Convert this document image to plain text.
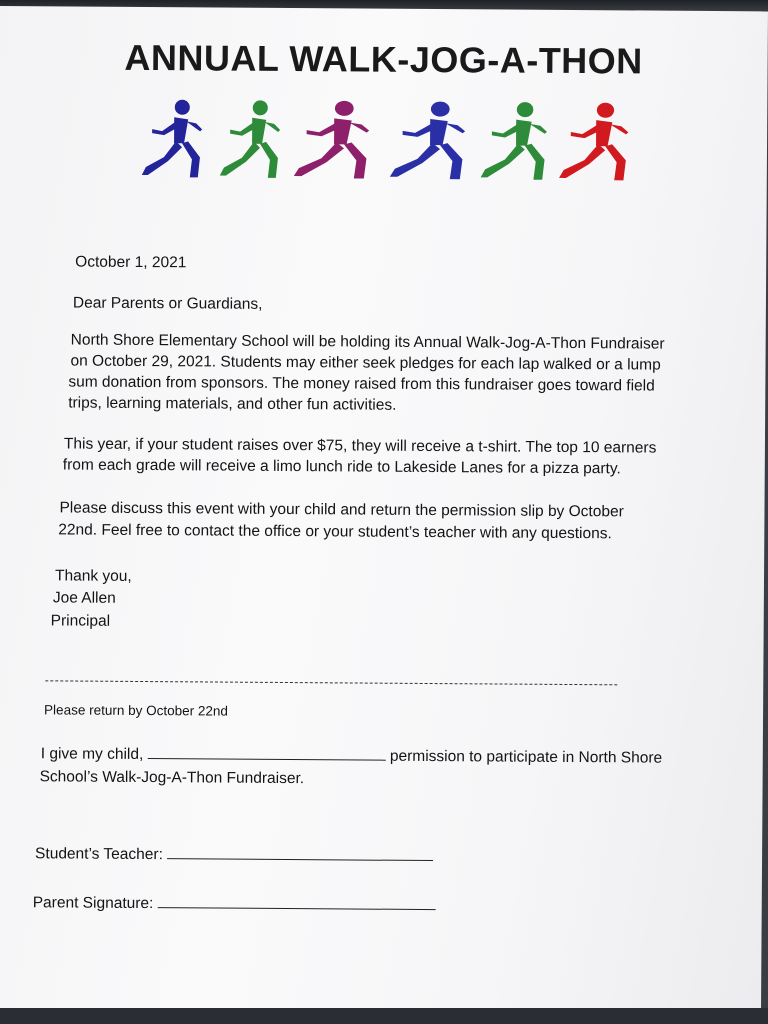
ANNUAL WALK-JOG-A-THON
October 1, 2021
Dear Parents or Guardians,
North Shore Elementary School will be holding its Annual Walk-Jog-A-Thon Fundraiser
on October 29, 2021. Students may either seek pledges for each lap walked or a lump
sum donation from sponsors. The money raised from this fundraiser goes toward field
trips, learning materials, and other fun activities.
This year, if your student raises over $75, they will receive a t-shirt. The top 10 earners
from each grade will receive a limo lunch ride to Lakeside Lanes for a pizza party.
Please discuss this event with your child and return the permission slip by October
22nd. Feel free to contact the office or your student’s teacher with any questions.
Thank you,
Joe Allen
Principal
Please return by October 22nd
I give my child,	permission to participate in North Shore
School’s Walk-Jog-A-Thon Fundraiser.
Student’s Teacher:
Parent Signature:
